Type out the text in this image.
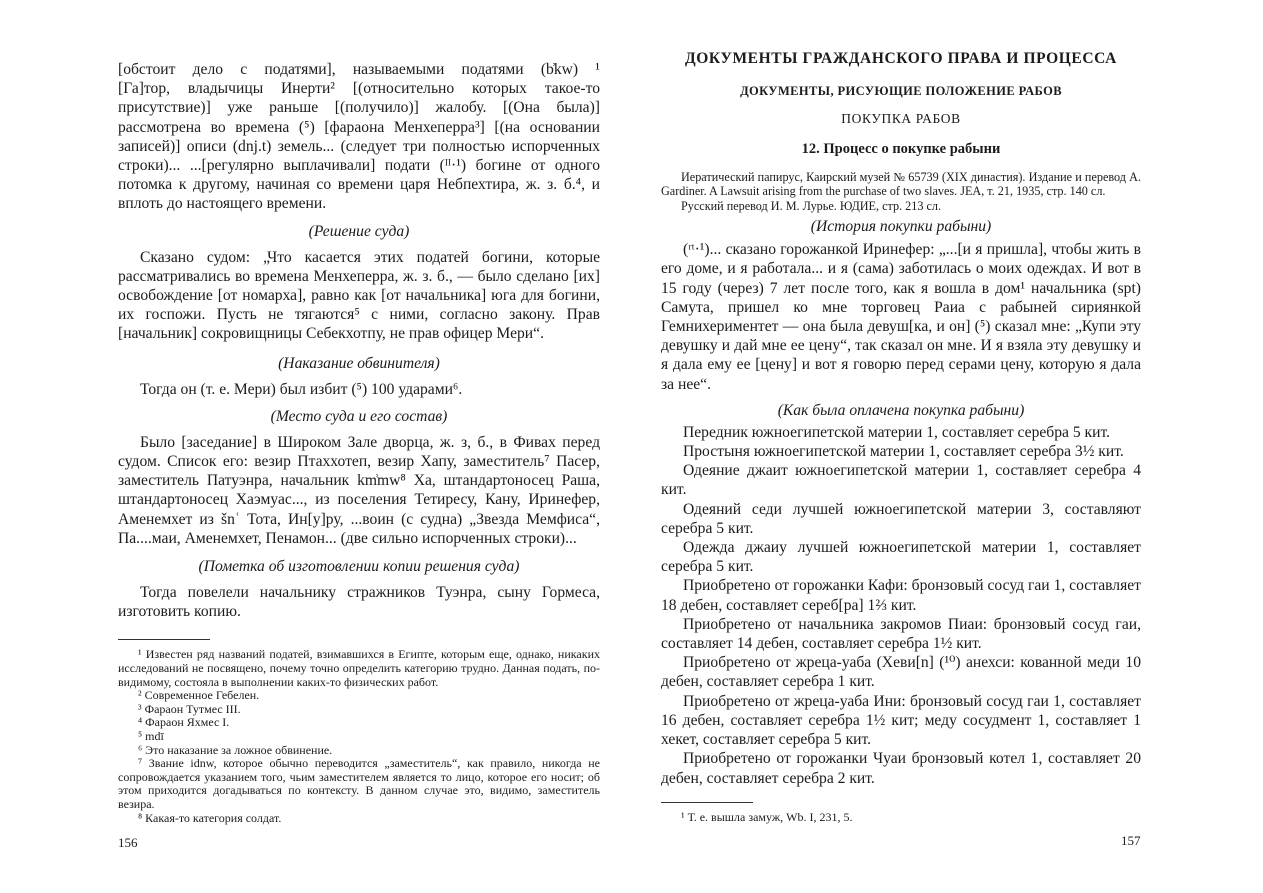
[обстоит дело с податями], называемыми податями (b͗kw) ¹

[Га]тор, владычицы Инерти² [(относительно которых такое-то присутствие)] уже раньше [(получило)] жалобу. [(Она была)] рассмотрена во времена (⁵) [фараона Менхеперра³] [(на основании записей)] описи (dnj.t) земель... (следует три полностью испорченных строки)... ...[регулярно выплачивали] подати (ᴵᴵ·¹) богине от одного потомка к другому, начиная со времени царя Небпехтира, ж. з. б.⁴, и вплоть до настоящего времени.

(Решение суда)

Сказано судом: „Что касается этих податей богини, которые рассматривались во времена Менхеперра, ж. з. б., — было сделано [их] освобождение [от номарха], равно как [от начальника] юга для богини, их госпожи. Пусть не тягаются⁵ с ними, согласно закону. Прав [начальник] сокровищницы Себекхотпу, не прав офицер Мери“.

(Наказание обвинителя)

Тогда он (т. е. Мери) был избит (⁵) 100 ударами⁶.

(Место суда и его состав)

Было [заседание] в Широком Зале дворца, ж. з, б., в Фивах перед судом. Список его: везир Птаххотеп, везир Хапу, заместитель⁷ Пасер, заместитель Патуэнра, начальник km͗mw⁸ Ха, штандартоносец Раша, штандартоносец Хаэмуас..., из поселения Тетиресу, Кану, Иринефер, Аменемхет из šnʿ Тота, Ин[у]ру, ...воин (с судна) „Звезда Мемфиса“, Па....маи, Аменемхет, Пенамон... (две сильно испорченных строки)...

(Пометка об изготовлении копии решения суда)

Тогда повелели начальнику стражников Туэнра, сыну Гормеса, изготовить копию.

¹ Известен ряд названий податей, взимавшихся в Египте, которым еще, однако, никаких исследований не посвящено, почему точно определить категорию трудно. Данная подать, по-видимому, состояла в выполнении каких-то физических работ.

² Современное Гебелен.

³ Фараон Тутмес III.

⁴ Фараон Яхмес I.

⁵ mdī

⁶ Это наказание за ложное обвинение.

⁷ Звание idnw, которое обычно переводится „заместитель“, как правило, никогда не сопровождается указанием того, чьим заместителем является то лицо, которое его носит; об этом приходится догадываться по контексту. В данном случае это, видимо, заместитель везира.

⁸ Какая-то категория солдат.

156

ДОКУМЕНТЫ ГРАЖДАНСКОГО ПРАВА И ПРОЦЕССА

ДОКУМЕНТЫ, РИСУЮЩИЕ ПОЛОЖЕНИЕ РАБОВ

ПОКУПКА РАБОВ

12. Процесс о покупке рабыни

Иератический папирус, Каирский музей № 65739 (XIX династия). Издание и перевод A. Gardiner. A Lawsuit arising from the purchase of two slaves. JEA, т. 21, 1935, стр. 140 сл.

Русский перевод И. М. Лурье. ЮДИЕ, стр. 213 сл.

(История покупки рабыни)

(ʳᵗ·¹)... сказано горожанкой Иринефер: „...[и я пришла], чтобы жить в его доме, и я работала... и я (сама) заботилась о моих одеждах. И вот в 15 году (через) 7 лет после того, как я вошла в дом¹ начальника (spt) Самута, пришел ко мне торговец Раиа с рабыней сириянкой Гемнихериментет — она была девуш[ка, и он] (⁵) сказал мне: „Купи эту девушку и дай мне ее цену“, так сказал он мне. И я взяла эту девушку и я дала ему ее [цену] и вот я говорю перед серами цену, которую я дала за нее“.

(Как была оплачена покупка рабыни)

Передник южноегипетской материи 1, составляет серебра 5 кит.

Простыня южноегипетской материи 1, составляет серебра 3½ кит.

Одеяние джаит южноегипетской материи 1, составляет серебра 4 кит.

Одеяний седи лучшей южноегипетской материи 3, составляют серебра 5 кит.

Одежда джаиу лучшей южноегипетской материи 1, составляет серебра 5 кит.

Приобретено от горожанки Кафи: бронзовый сосуд гаи 1, составляет 18 дебен, составляет сереб[ра] 1⅔ кит.

Приобретено от начальника закромов Пиаи: бронзовый сосуд гаи, составляет 14 дебен, составляет серебра 1½ кит.

Приобретено от жреца-уаба (Хеви[n] (¹⁰) анехси: кованной меди 10 дебен, составляет серебра 1 кит.

Приобретено от жреца-уаба Ини: бронзовый сосуд гаи 1, составляет 16 дебен, составляет серебра 1½ кит; меду сосудмент 1, составляет 1 хекет, составляет серебра 5 кит.

Приобретено от горожанки Чуаи бронзовый котел 1, составляет 20 дебен, составляет серебра 2 кит.

¹ Т. е. вышла замуж, Wb. I, 231, 5.

157
